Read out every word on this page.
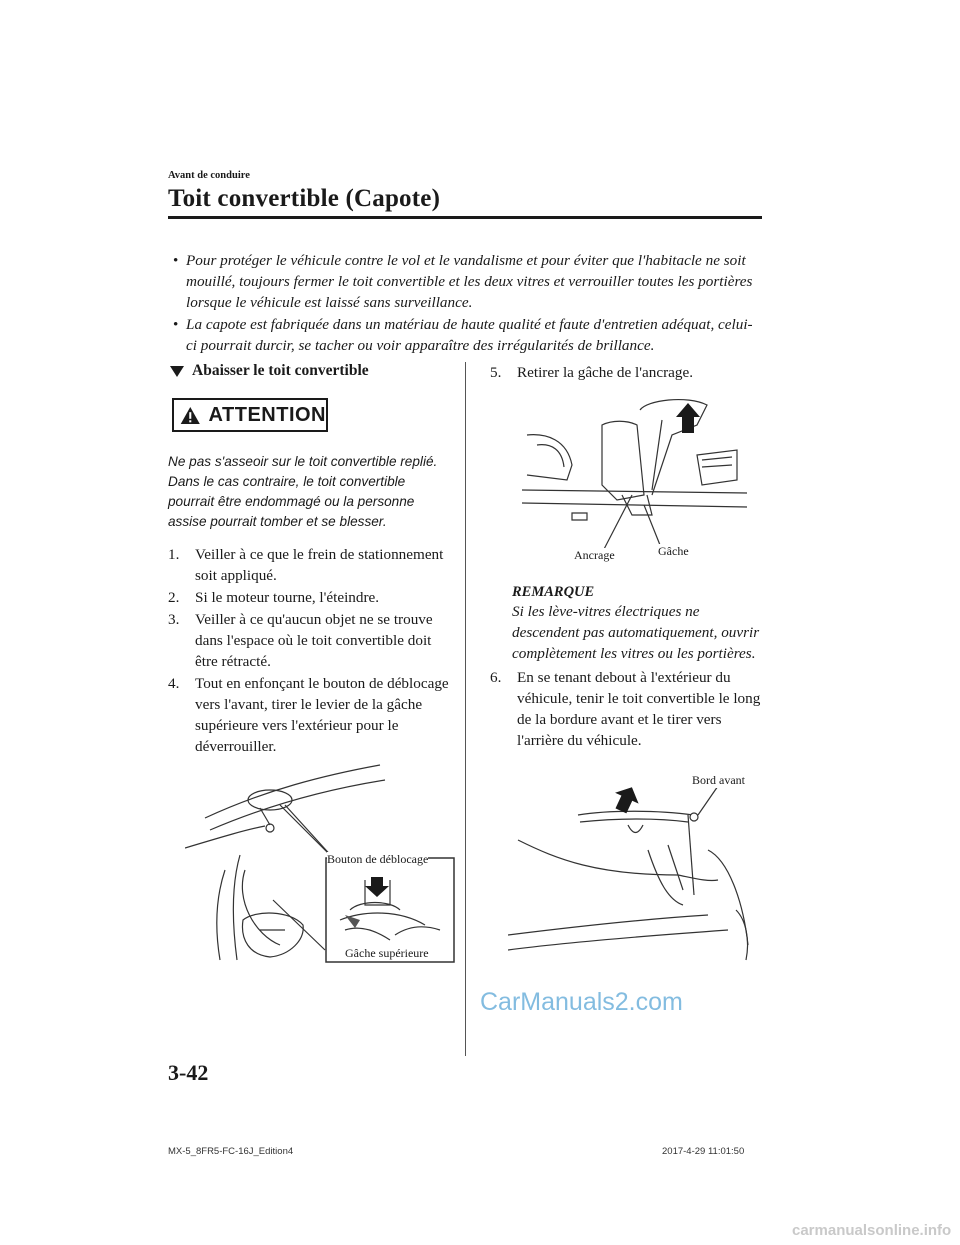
Avant de conduire
Toit convertible (Capote)
• Pour protéger le véhicule contre le vol et le vandalisme et pour éviter que l'habitacle ne soit mouillé, toujours fermer le toit convertible et les deux vitres et verrouiller toutes les portières lorsque le véhicule est laissé sans surveillance.
• La capote est fabriquée dans un matériau de haute qualité et faute d'entretien adéquat, celui-ci pourrait durcir, se tacher ou voir apparaître des irrégularités de brillance.
Abaisser le toit convertible
ATTENTION
Ne pas s'asseoir sur le toit convertible replié. Dans le cas contraire, le toit convertible pourrait être endommagé ou la personne assise pourrait tomber et se blesser.
1. Veiller à ce que le frein de stationnement soit appliqué.
2. Si le moteur tourne, l'éteindre.
3. Veiller à ce qu'aucun objet ne se trouve dans l'espace où le toit convertible doit être rétracté.
4. Tout en enfonçant le bouton de déblocage vers l'avant, tirer le levier de la gâche supérieure vers l'extérieur pour le déverrouiller.
Bouton de déblocage
Gâche supérieure
5. Retirer la gâche de l'ancrage.
Ancrage	Gâche
REMARQUE
Si les lève-vitres électriques ne descendent pas automatiquement, ouvrir complètement les vitres ou les portières.
6. En se tenant debout à l'extérieur du véhicule, tenir le toit convertible le long de la bordure avant et le tirer vers l'arrière du véhicule.
Bord avant
CarManuals2.com
3-42
MX-5_8FR5-FC-16J_Edition4	2017-4-29 11:01:50
carmanualsonline.info
